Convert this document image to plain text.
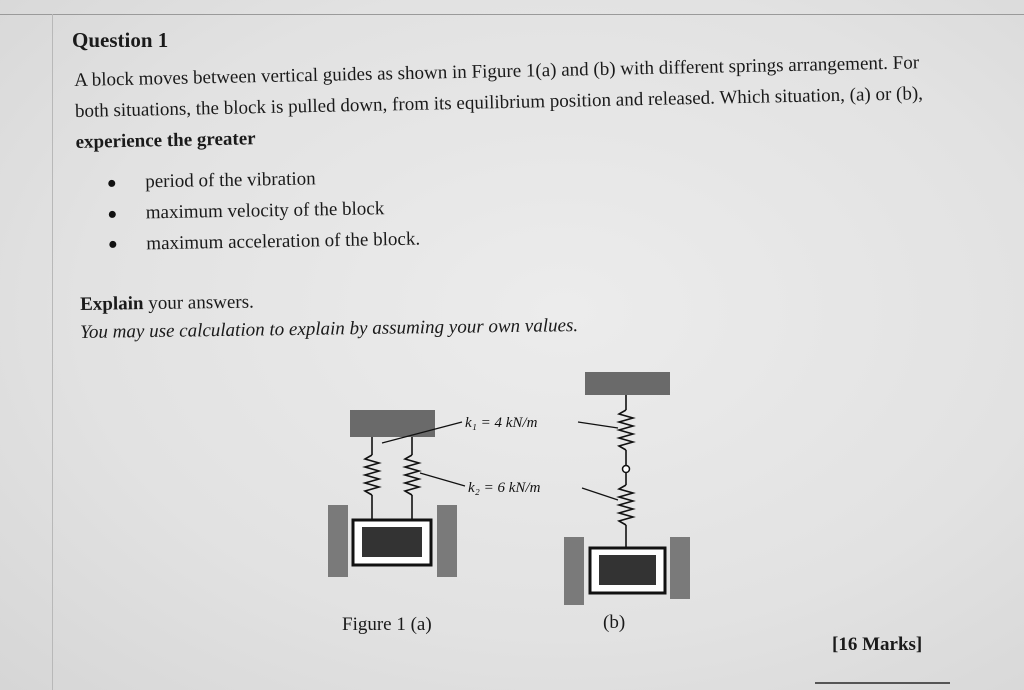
Question 1
A block moves between vertical guides as shown in Figure 1(a) and (b) with different springs arrangement. For both situations, the block is pulled down, from its equilibrium position and released. Which situation, (a) or (b), experience the greater
period of the vibration
maximum velocity of the block
maximum acceleration of the block.
Explain your answers.
You may use calculation to explain by assuming your own values.
k₁ = 4 kN/m
k₂ = 6 kN/m
Figure 1 (a)	(b)
[16 Marks]
